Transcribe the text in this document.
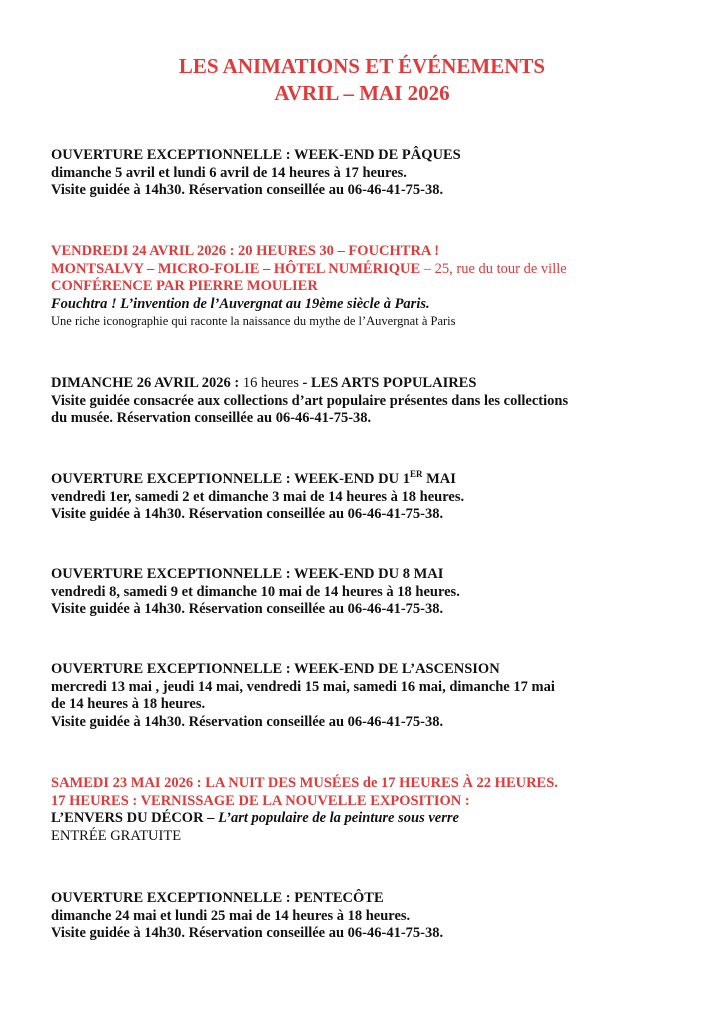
LES ANIMATIONS ET ÉVÉNEMENTS
AVRIL – MAI 2026
OUVERTURE EXCEPTIONNELLE : WEEK-END DE PÂQUES
dimanche 5 avril et lundi 6 avril de 14 heures à 17 heures.
Visite guidée à 14h30. Réservation conseillée au 06-46-41-75-38.
VENDREDI 24 AVRIL 2026 : 20 HEURES 30 – FOUCHTRA !
MONTSALVY – MICRO-FOLIE – HÔTEL NUMÉRIQUE – 25, rue du tour de ville
CONFÉRENCE PAR PIERRE MOULIER
Fouchtra ! L’invention de l’Auvergnat au 19ème siècle à Paris.
Une riche iconographie qui raconte la naissance du mythe de l’Auvergnat à Paris
DIMANCHE 26 AVRIL 2026 : 16 heures - LES ARTS POPULAIRES
Visite guidée consacrée aux collections d’art populaire présentes dans les collections
du musée. Réservation conseillée au 06-46-41-75-38.
OUVERTURE EXCEPTIONNELLE : WEEK-END DU 1ER MAI
vendredi 1er, samedi 2 et dimanche 3 mai de 14 heures à 18 heures.
Visite guidée à 14h30. Réservation conseillée au 06-46-41-75-38.
OUVERTURE EXCEPTIONNELLE : WEEK-END DU 8 MAI
vendredi 8, samedi 9 et dimanche 10 mai de 14 heures à 18 heures.
Visite guidée à 14h30. Réservation conseillée au 06-46-41-75-38.
OUVERTURE EXCEPTIONNELLE : WEEK-END DE L’ASCENSION
mercredi 13 mai , jeudi 14 mai, vendredi 15 mai, samedi 16 mai, dimanche 17 mai
de 14 heures à 18 heures.
Visite guidée à 14h30. Réservation conseillée au 06-46-41-75-38.
SAMEDI 23 MAI 2026 : LA NUIT DES MUSÉES de 17 HEURES À 22 HEURES.
17 HEURES : VERNISSAGE DE LA NOUVELLE EXPOSITION :
L’ENVERS DU DÉCOR – L’art populaire de la peinture sous verre
ENTRÉE GRATUITE
OUVERTURE EXCEPTIONNELLE : PENTECÔTE
dimanche 24 mai et lundi 25 mai de 14 heures à 18 heures.
Visite guidée à 14h30. Réservation conseillée au 06-46-41-75-38.
